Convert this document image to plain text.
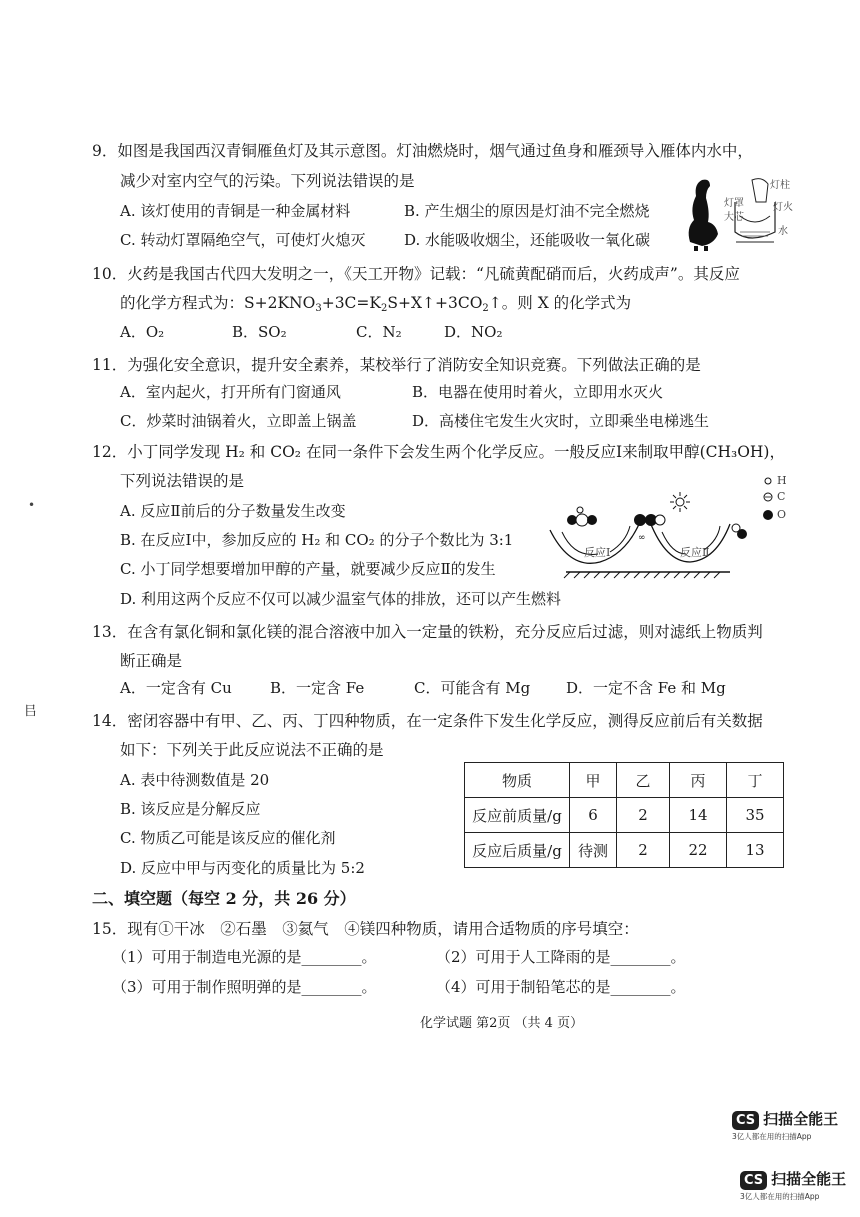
9．如图是我国西汉青铜雁鱼灯及其示意图。灯油燃烧时，烟气通过鱼身和雁颈导入雁体内水中，
减少对室内空气的污染。下列说法错误的是
A. 该灯使用的青铜是一种金属材料	B. 产生烟尘的原因是灯油不完全燃烧
C. 转动灯罩隔绝空气，可使灯火熄灭	D. 水能吸收烟尘，还能吸收一氧化碳
灯柱
灯罩
大芯
灯火
水
10．火药是我国古代四大发明之一，《天工开物》记载：“凡硫黄配硝而后，火药成声”。其反应
的化学方程式为：$S+2KNO_3+3C=K_2S+X↑+3CO_2↑$。则 X 的化学式为
A．O₂	B．SO₂	C．N₂	D．NO₂
11．为强化安全意识，提升安全素养，某校举行了消防安全知识竞赛。下列做法正确的是
A．室内起火，打开所有门窗通风	B．电器在使用时着火，立即用水灭火
C．炒菜时油锅着火，立即盖上锅盖	D．高楼住宅发生火灾时，立即乘坐电梯逃生
12．小丁同学发现 H₂ 和 CO₂ 在同一条件下会发生两个化学反应。一般反应Ⅰ来制取甲醇(CH₃OH)，
下列说法错误的是
A. 反应Ⅱ前后的分子数量发生改变
B. 在反应Ⅰ中，参加反应的 H₂ 和 CO₂ 的分子个数比为 3:1
C. 小丁同学想要增加甲醇的产量，就要减少反应Ⅱ的发生
D. 利用这两个反应不仅可以减少温室气体的排放，还可以产生燃料
•
∞
反应Ⅰ	反应Ⅱ
H
C
O
13．在含有氯化铜和氯化镁的混合溶液中加入一定量的铁粉，充分反应后过滤，则对滤纸上物质判
断正确是
A．一定含有 Cu	B．一定含 Fe	C．可能含有 Mg D．一定不含 Fe 和 Mg
㠯
14．密闭容器中有甲、乙、丙、丁四种物质，在一定条件下发生化学反应，测得反应前后有关数据
如下：下列关于此反应说法不正确的是
A. 表中待测数值是 20
B. 该反应是分解反应
C. 物质乙可能是该反应的催化剂
D. 反应中甲与丙变化的质量比为 5:2
物质	甲	乙	丙	丁
反应前质量/g	6	2	14	35
反应后质量/g	待测	2	22	13
二、填空题（每空 2 分，共 26 分）
15．现有①干冰　②石墨　③氦气　④镁四种物质，请用合适物质的序号填空：
（1）可用于制造电光源的是________。	（2）可用于人工降雨的是________。
（3）可用于制作照明弹的是________。	（4）可用于制铅笔芯的是________。
化学试题 第2页 （共 4 页）
CS 扫描全能王
3亿人都在用的扫描App
CS 扫描全能王
3亿人都在用的扫描App
